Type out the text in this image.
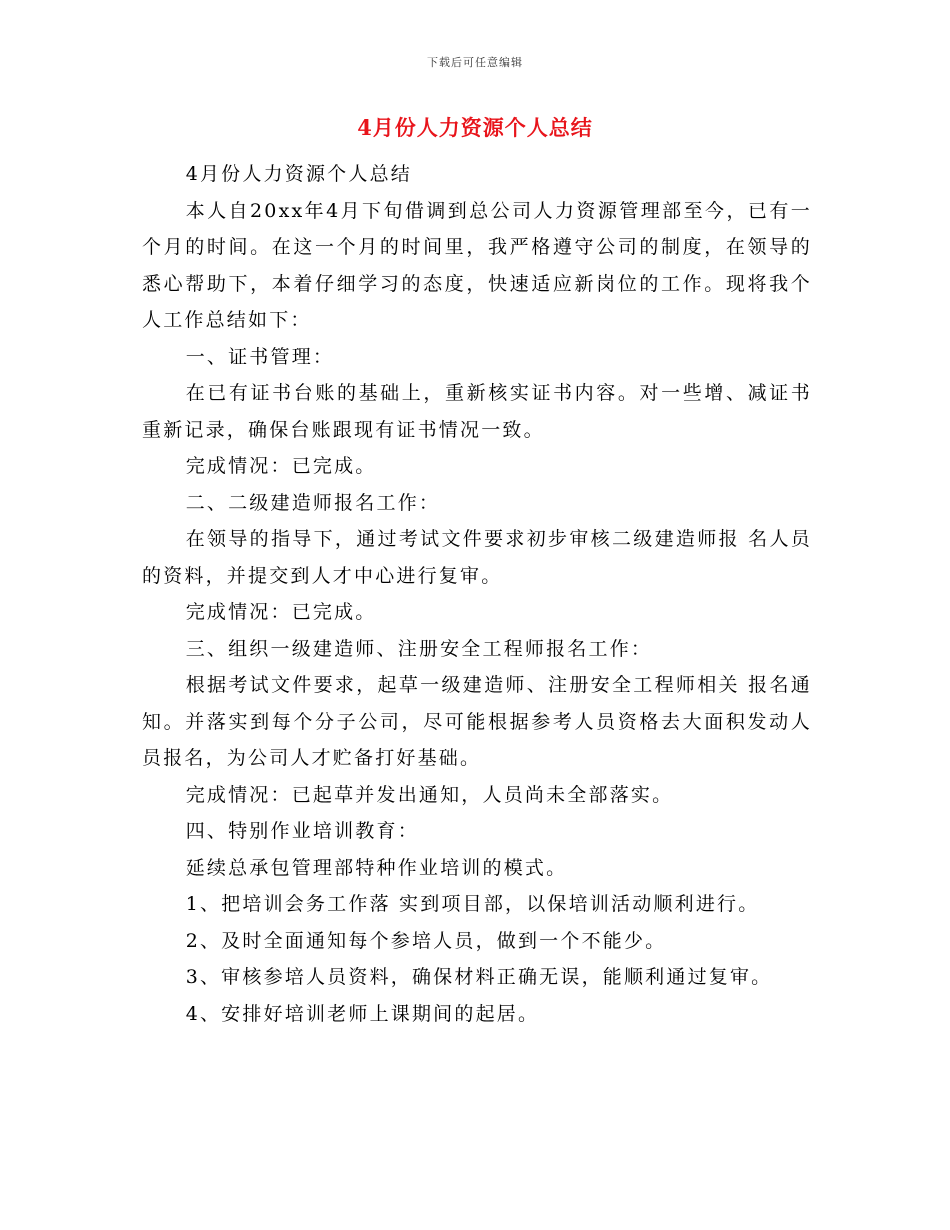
下载后可任意编辑
4月份人力资源个人总结

4月份人力资源个人总结

本人自20xx年4月下旬借调到总公司人力资源管理部至今，已有一个月的时间。在这一个月的时间里，我严格遵守公司的制度，在领导的悉心帮助下，本着仔细学习的态度，快速适应新岗位的工作。现将我个人工作总结如下：

一、证书管理：

在已有证书台账的基础上，重新核实证书内容。对一些增、减证书重新记录，确保台账跟现有证书情况一致。

完成情况：已完成。

二、二级建造师报名工作：

在领导的指导下，通过考试文件要求初步审核二级建造师报 名人员的资料，并提交到人才中心进行复审。

完成情况：已完成。

三、组织一级建造师、注册安全工程师报名工作：

根据考试文件要求，起草一级建造师、注册安全工程师相关 报名通知。并落实到每个分子公司，尽可能根据参考人员资格去大面积发动人员报名，为公司人才贮备打好基础。

完成情况：已起草并发出通知，人员尚未全部落实。

四、特别作业培训教育：

延续总承包管理部特种作业培训的模式。

1、把培训会务工作落 实到项目部，以保培训活动顺利进行。

2、及时全面通知每个参培人员，做到一个不能少。

3、审核参培人员资料，确保材料正确无误，能顺利通过复审。

4、安排好培训老师上课期间的起居。
